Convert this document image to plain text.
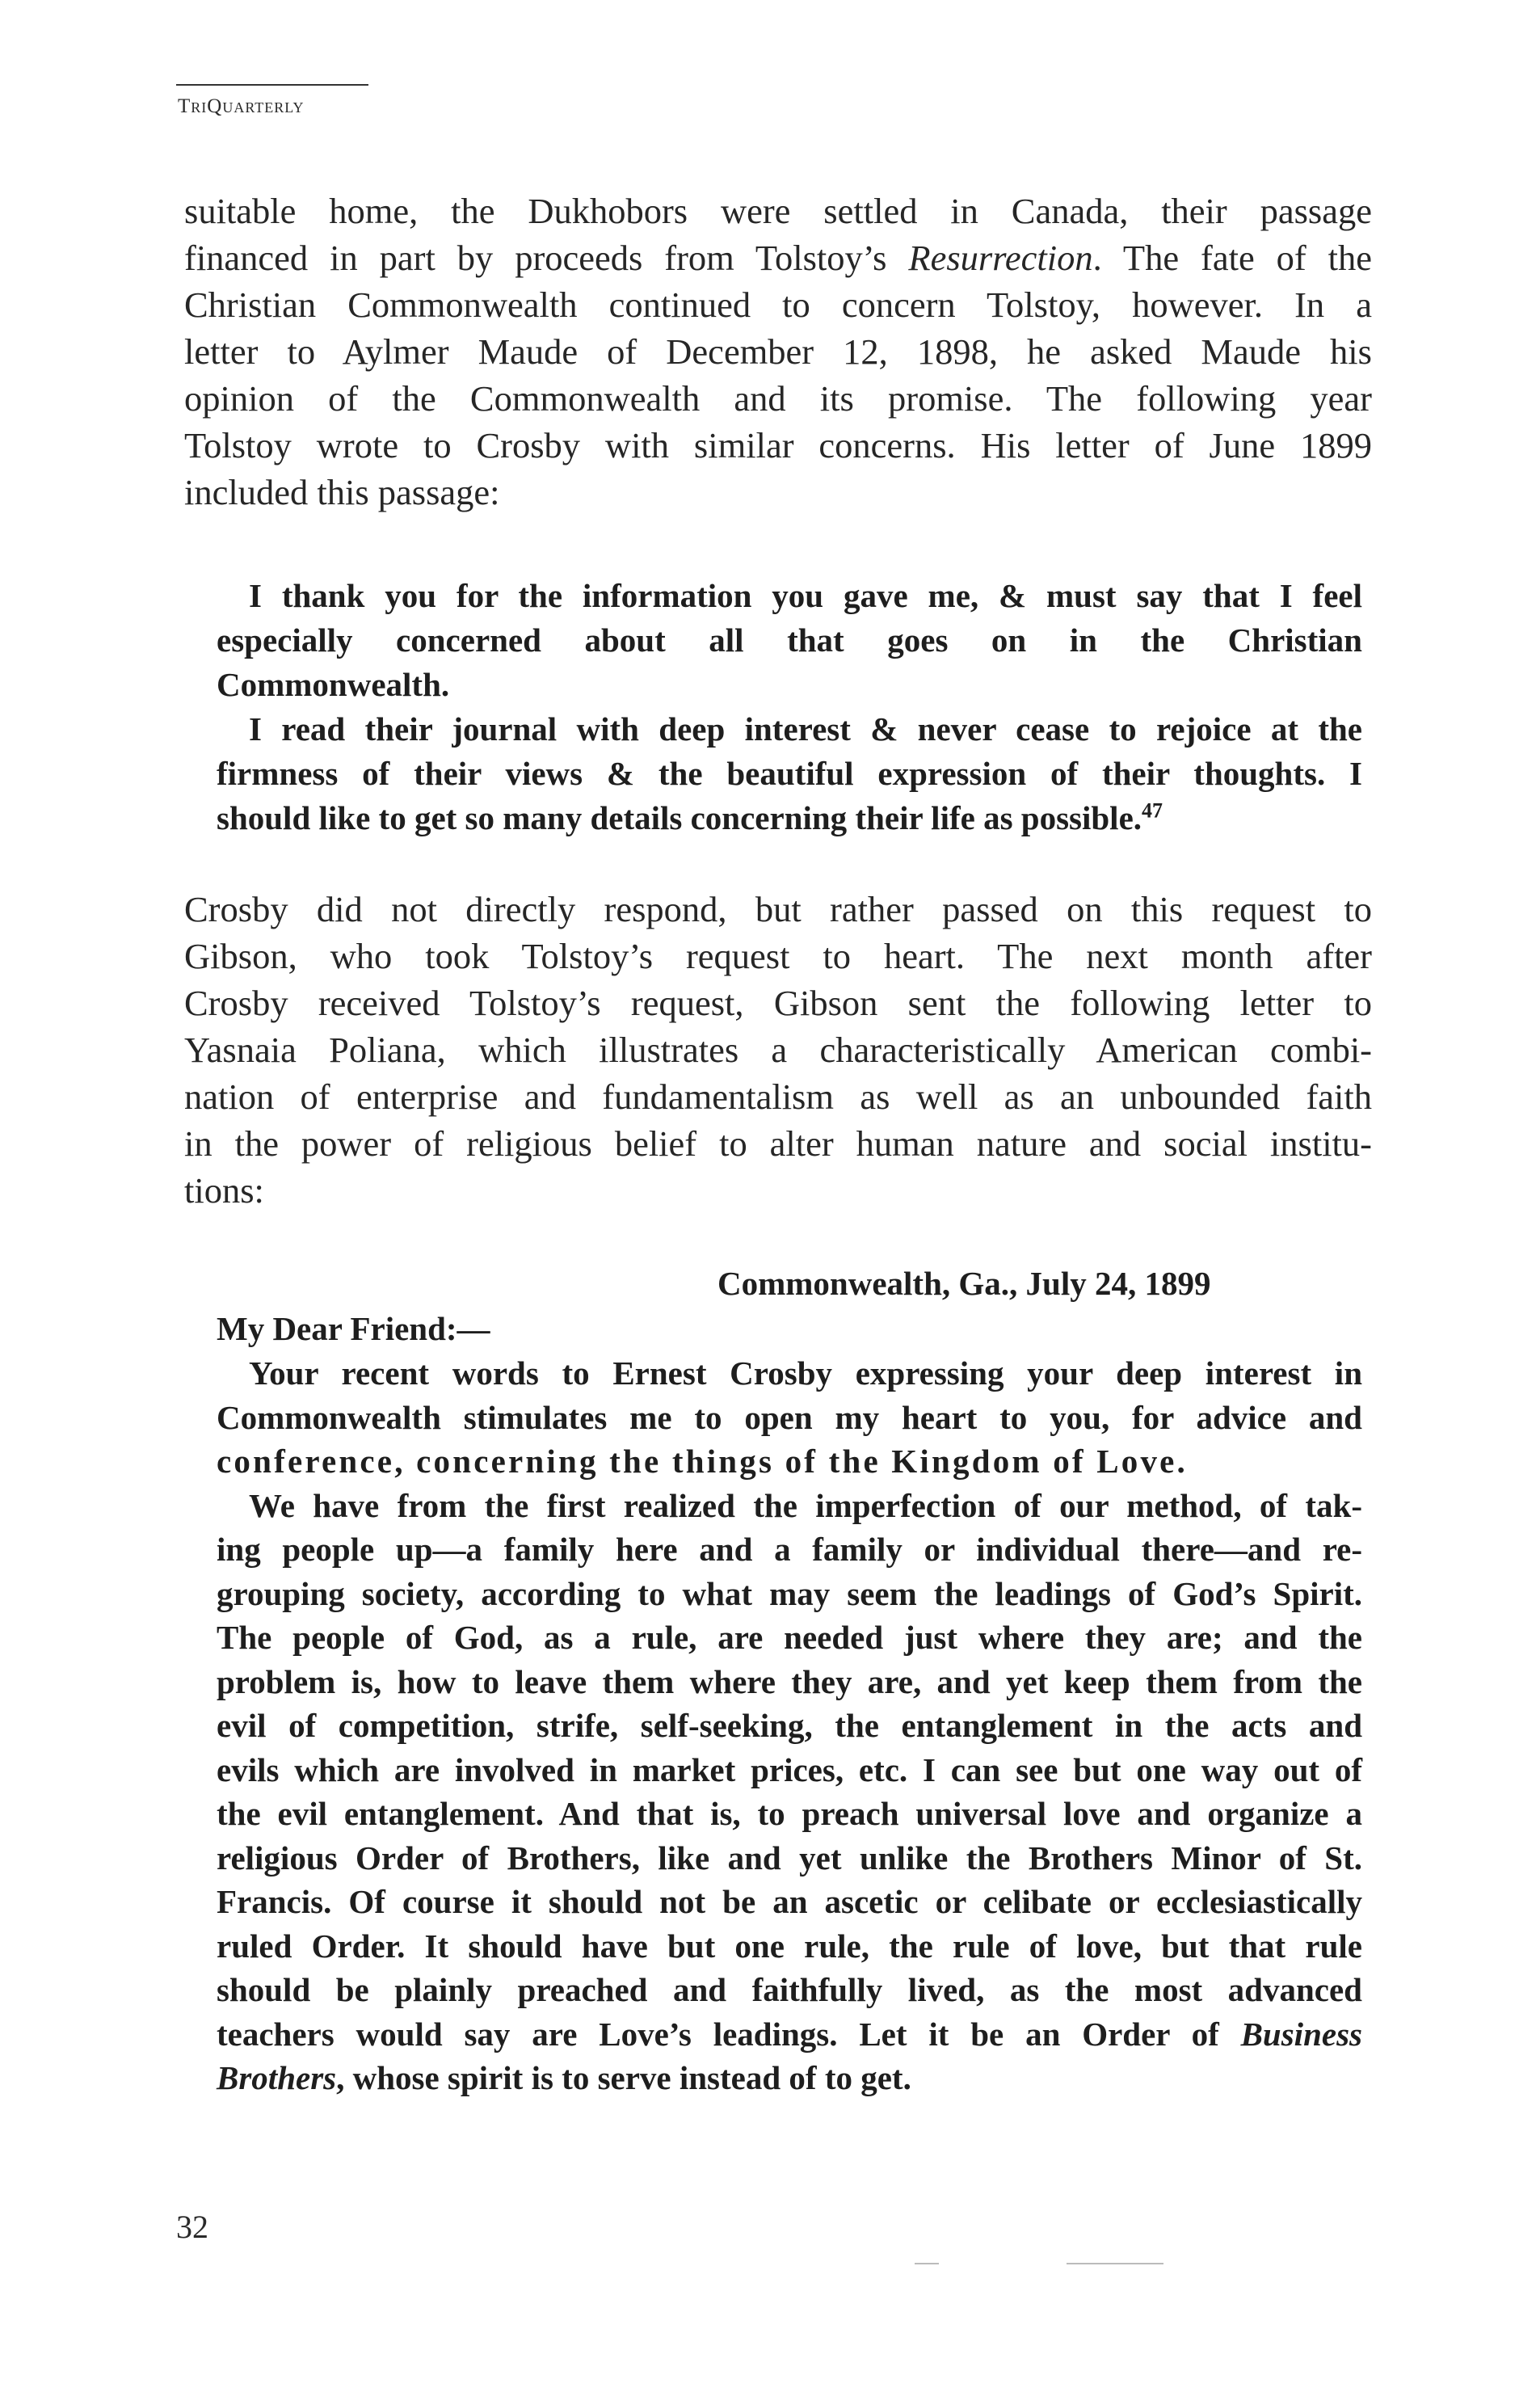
TriQuarterly

suitable home, the Dukhobors were settled in Canada, their passage

financed in part by proceeds from Tolstoy’s Resurrection. The fate of the

Christian Commonwealth continued to concern Tolstoy, however. In a

letter to Aylmer Maude of December 12, 1898, he asked Maude his

opinion of the Commonwealth and its promise. The following year

Tolstoy wrote to Crosby with similar concerns. His letter of June 1899

included this passage:

I thank you for the information you gave me, & must say that I feel

especially concerned about all that goes on in the Christian

Commonwealth.

I read their journal with deep interest & never cease to rejoice at the

firmness of their views & the beautiful expression of their thoughts. I

should like to get so many details concerning their life as possible.$^{47}$

Crosby did not directly respond, but rather passed on this request to

Gibson, who took Tolstoy’s request to heart. The next month after

Crosby received Tolstoy’s request, Gibson sent the following letter to

Yasnaia Poliana, which illustrates a characteristically American combi-

nation of enterprise and fundamentalism as well as an unbounded faith

in the power of religious belief to alter human nature and social institu-

tions:

Commonwealth, Ga., July 24, 1899
My Dear Friend:—

Your recent words to Ernest Crosby expressing your deep interest in

Commonwealth stimulates me to open my heart to you, for advice and

conference, concerning the things of the Kingdom of Love.

We have from the first realized the imperfection of our method, of tak-

ing people up—a family here and a family or individual there—and re-

grouping society, according to what may seem the leadings of God’s Spirit.

The people of God, as a rule, are needed just where they are; and the

problem is, how to leave them where they are, and yet keep them from the

evil of competition, strife, self-seeking, the entanglement in the acts and

evils which are involved in market prices, etc. I can see but one way out of

the evil entanglement. And that is, to preach universal love and organize a

religious Order of Brothers, like and yet unlike the Brothers Minor of St.

Francis. Of course it should not be an ascetic or celibate or ecclesiastically

ruled Order. It should have but one rule, the rule of love, but that rule

should be plainly preached and faithfully lived, as the most advanced

teachers would say are Love’s leadings. Let it be an Order of Business

Brothers, whose spirit is to serve instead of to get.

32
